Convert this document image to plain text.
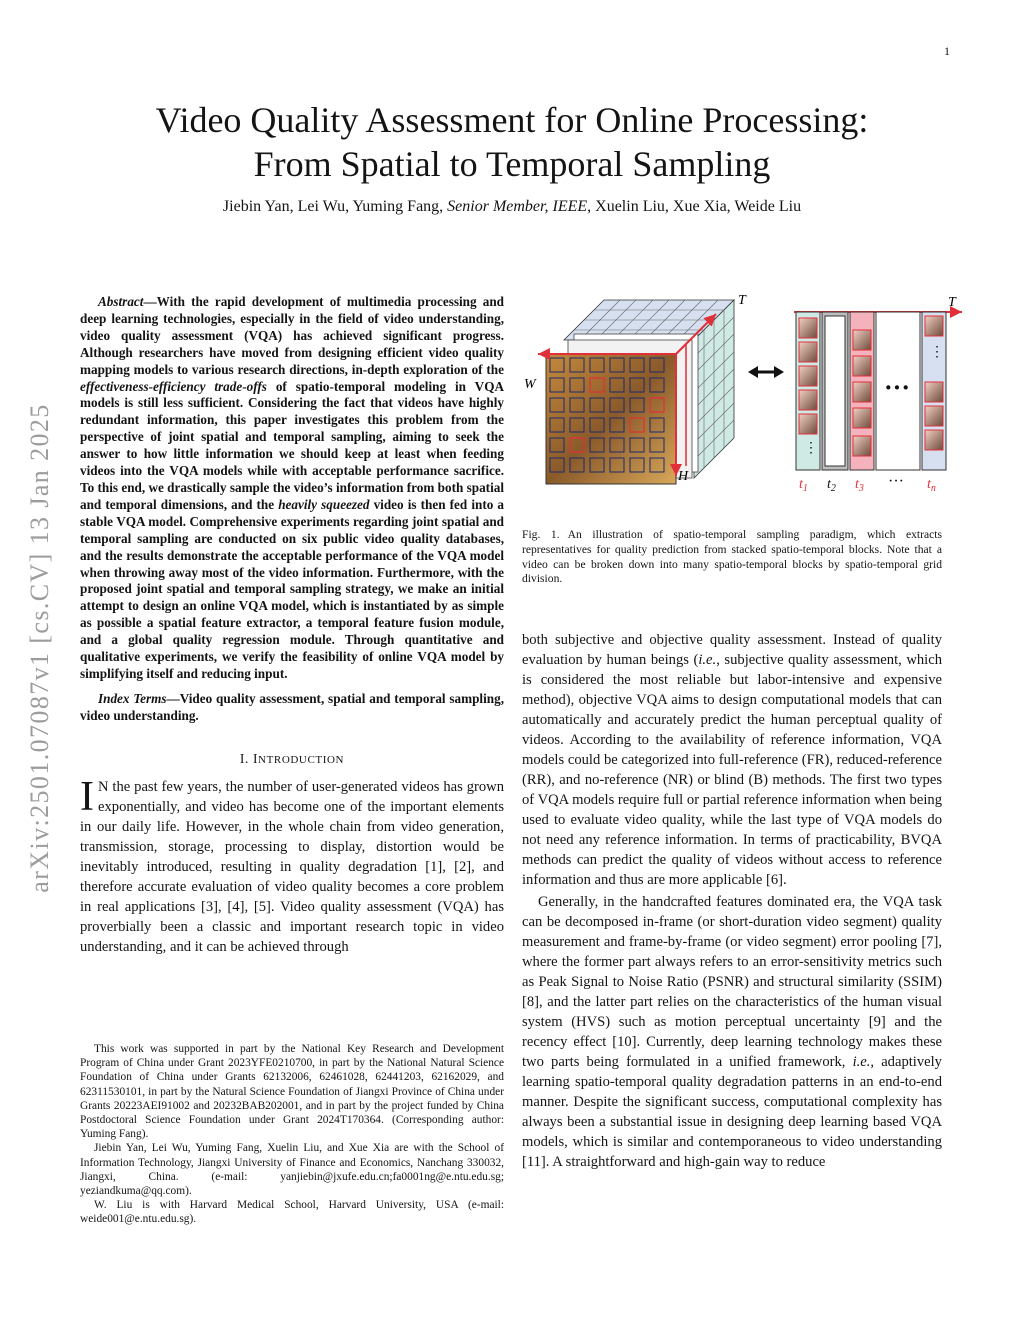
1
arXiv:2501.07087v1 [cs.CV] 13 Jan 2025
Video Quality Assessment for Online Processing:
From Spatial to Temporal Sampling
Jiebin Yan, Lei Wu, Yuming Fang, Senior Member, IEEE, Xuelin Liu, Xue Xia, Weide Liu

Abstract—With the rapid development of multimedia processing and deep learning technologies, especially in the field of video understanding, video quality assessment (VQA) has achieved significant progress. Although researchers have moved from designing efficient video quality mapping models to various research directions, in-depth exploration of the effectiveness-efficiency trade-offs of spatio-temporal modeling in VQA models is still less sufficient. Considering the fact that videos have highly redundant information, this paper investigates this problem from the perspective of joint spatial and temporal sampling, aiming to seek the answer to how little information we should keep at least when feeding videos into the VQA models while with acceptable performance sacrifice. To this end, we drastically sample the video’s information from both spatial and temporal dimensions, and the heavily squeezed video is then fed into a stable VQA model. Comprehensive experiments regarding joint spatial and temporal sampling are conducted on six public video quality databases, and the results demonstrate the acceptable performance of the VQA model when throwing away most of the video information. Furthermore, with the proposed joint spatial and temporal sampling strategy, we make an initial attempt to design an online VQA model, which is instantiated by as simple as possible a spatial feature extractor, a temporal feature fusion module, and a global quality regression module. Through quantitative and qualitative experiments, we verify the feasibility of online VQA model by simplifying itself and reducing input.

Index Terms—Video quality assessment, spatial and temporal sampling, video understanding.

I. INTRODUCTION

I N the past few years, the number of user-generated videos has grown exponentially, and video has become one of the important elements in our daily life. However, in the whole chain from video generation, transmission, storage, processing to display, distortion would be inevitably introduced, resulting in quality degradation [1], [2], and therefore accurate evaluation of video quality becomes a core problem in real applications [3], [4], [5]. Video quality assessment (VQA) has proverbially been a classic and important research topic in video understanding, and it can be achieved through

This work was supported in part by the National Key Research and Development Program of China under Grant 2023YFE0210700, in part by the National Natural Science Foundation of China under Grants 62132006, 62461028, 62441203, 62162029, and 62311530101, in part by the Natural Science Foundation of Jiangxi Province of China under Grants 20223AEI91002 and 20232BAB202001, and in part by the project funded by China Postdoctoral Science Foundation under Grant 2024T170364. (Corresponding author: Yuming Fang).

Jiebin Yan, Lei Wu, Yuming Fang, Xuelin Liu, and Xue Xia are with the School of Information Technology, Jiangxi University of Finance and Economics, Nanchang 330032, Jiangxi, China. (e-mail: yanjiebin@jxufe.edu.cn;fa0001ng@e.ntu.edu.sg; yeziandkuma@qq.com).

W. Liu is with Harvard Medical School, Harvard University, USA (e-mail: weide001@e.ntu.edu.sg).

T
W
H
T
⋮
···
⋮
$t_1$ $t_2$ $t_3$ ··· $t_n$
Fig. 1. An illustration of spatio-temporal sampling paradigm, which extracts representatives for quality prediction from stacked spatio-temporal blocks. Note that a video can be broken down into many spatio-temporal blocks by spatio-temporal grid division.

both subjective and objective quality assessment. Instead of quality evaluation by human beings (i.e., subjective quality assessment, which is considered the most reliable but labor-intensive and expensive method), objective VQA aims to design computational models that can automatically and accurately predict the human perceptual quality of videos. According to the availability of reference information, VQA models could be categorized into full-reference (FR), reduced-reference (RR), and no-reference (NR) or blind (B) methods. The first two types of VQA models require full or partial reference information when being used to evaluate video quality, while the last type of VQA models do not need any reference information. In terms of practicability, BVQA methods can predict the quality of videos without access to reference information and thus are more applicable [6].

Generally, in the handcrafted features dominated era, the VQA task can be decomposed in-frame (or short-duration video segment) quality measurement and frame-by-frame (or video segment) error pooling [7], where the former part always refers to an error-sensitivity metrics such as Peak Signal to Noise Ratio (PSNR) and structural similarity (SSIM) [8], and the latter part relies on the characteristics of the human visual system (HVS) such as motion perceptual uncertainty [9] and the recency effect [10]. Currently, deep learning technology makes these two parts being formulated in a unified framework, i.e., adaptively learning spatio-temporal quality degradation patterns in an end-to-end manner. Despite the significant success, computational complexity has always been a substantial issue in designing deep learning based VQA models, which is similar and contemporaneous to video understanding [11]. A straightforward and high-gain way to reduce
